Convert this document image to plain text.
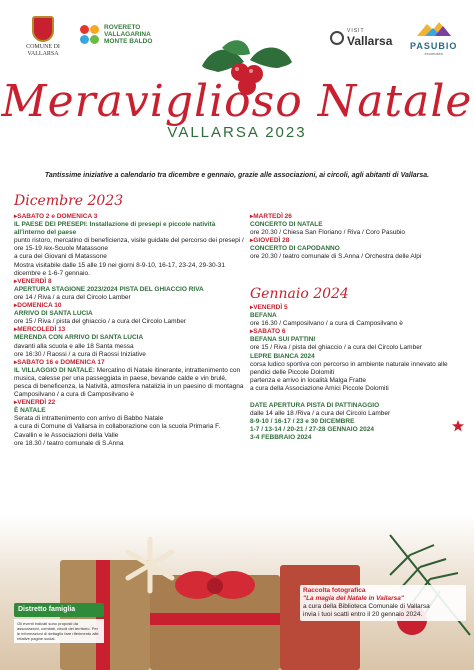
COMUNE DI VALLARSA
ROVERETO
VALLAGARINA
MONTE BALDO
VISIT
Vallarsa PASUBIO
ecomuseo
Meraviglioso Natale
VALLARSA 2023
Tantissime iniziative a calendario tra dicembre e gennaio, grazie alle associazioni, ai circoli, agli abitanti di Vallarsa.
Dicembre 2023
Gennaio 2024
▸ SABATO 2 e DOMENICA 3
IL PAESE DEI PRESEPI: Installazione di presepi e piccole natività all'interno del paese
punto ristoro, mercatino di beneficienza, visite guidate del percorso dei presepi / ore 15-19 /ex-Scuole Matassone
a cura dei Giovani di Matassone
Mostra visitabile dalle 15 alle 19 nei giorni 8-9-10, 16-17, 23-24, 29-30-31 dicembre e 1-6-7 gennaio.
▸ VENERDÌ 8
APERTURA STAGIONE 2023/2024 PISTA DEL GHIACCIO RIVA
ore 14 / Riva / a cura del Circolo Lamber
▸ DOMENICA 10
ARRIVO DI SANTA LUCIA
ore 15 / Riva / pista del ghiaccio / a cura del Circolo Lamber
▸ MERCOLEDÌ 13
MERENDA CON ARRIVO DI SANTA LUCIA
davanti alla scuola e alle 18 Santa messa
ore 16:30 / Raossi / a cura di Raossi Iniziative
▸ SABATO 16 e DOMENICA 17
IL VILLAGGIO DI NATALE: Mercatino di Natale itinerante, intrattenimento con musica, calesse per una passeggiata in paese, bevande calde e vin brulé, pesca di beneficenza, la Natività, atmosfera natalizia in un paesino di montagna
Camposilvano / a cura di Camposilvano è
▸ VENERDÌ 22
È NATALE
Serata di intrattenimento con arrivo di Babbo Natale
a cura di Comune di Vallarsa in collaborazione con la scuola Primaria F. Cavallin e le Associazioni della Valle
ore 18.30 / teatro comunale di S.Anna
▸ MARTEDÌ 26
CONCERTO DI NATALE
ore 20.30 / Chiesa San Floriano / Riva / Coro Pasubio
▸ GIOVEDÌ 28
CONCERTO DI CAPODANNO
ore 20.30 / teatro comunale di S.Anna / Orchestra delle Alpi
▸ VENERDÌ 5
BEFANA
ore 16.30 / Camposilvano / a cura di Camposilvano è
▸ SABATO 6
BEFANA SUI PATTINI
ore 15 / Riva / pista del ghiaccio / a cura del Circolo Lamber
LEPRE BIANCA 2024
corsa ludico sportiva con percorso in ambiente naturale innevato alle pendici delle Piccole Dolomiti
partenza e arrivo in località Malga Fratte
a cura della Associazione Amici Piccole Dolomiti
DATE APERTURA PISTA DI PATTINAGGIO
dalle 14 alle 18 /Riva / a cura del Circolo Lamber
8-9-10 / 16-17 / 23 e 30 DICEMBRE
1-7 / 13-14 / 20-21 / 27-28 GENNAIO 2024
3-4 FEBBRAIO 2024
Raccolta fotografica
"La magia del Natale in Vallarsa"
a cura della Biblioteca Comunale di Vallarsa
invia i tuoi scatti entro il 20 gennaio 2024.
Distretto famiglia
Gli eventi indicati sono proposti da associazioni, comitati, circoli del territorio. Per le informazioni di dettaglio fare riferimento alle relative pagine social.
